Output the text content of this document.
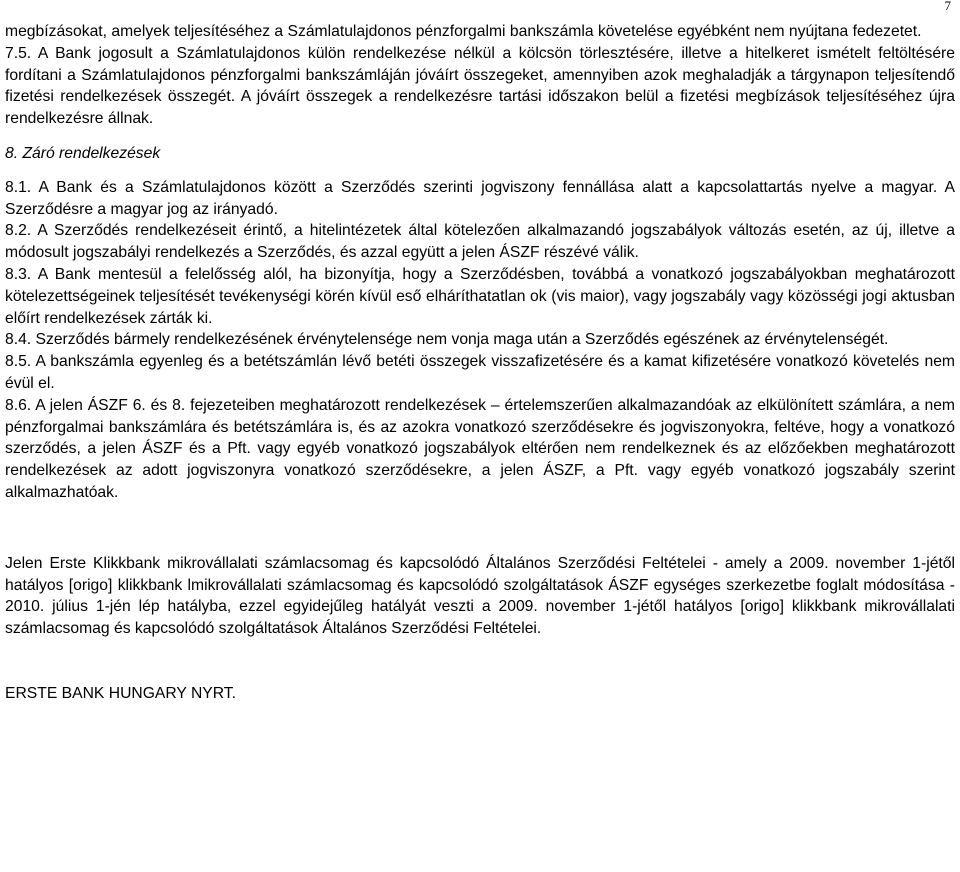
7

megbízásokat, amelyek teljesítéséhez a Számlatulajdonos pénzforgalmi bankszámla követelése egyébként nem nyújtana fedezetet.

7.5. A Bank jogosult a Számlatulajdonos külön rendelkezése nélkül a kölcsön törlesztésére, illetve a hitelkeret ismételt feltöltésére fordítani a Számlatulajdonos pénzforgalmi bankszámláján jóváírt összegeket, amennyiben azok meghaladják a tárgynapon teljesítendő fizetési rendelkezések összegét. A jóváírt összegek a rendelkezésre tartási időszakon belül a fizetési megbízások teljesítéséhez újra rendelkezésre állnak.

8. Záró rendelkezések

8.1. A Bank és a Számlatulajdonos között a Szerződés szerinti jogviszony fennállása alatt a kapcsolattartás nyelve a magyar. A Szerződésre a magyar jog az irányadó.

8.2. A Szerződés rendelkezéseit érintő, a hitelintézetek által kötelezően alkalmazandó jogszabályok változás esetén, az új, illetve a módosult jogszabályi rendelkezés a Szerződés, és azzal együtt a jelen ÁSZF részévé válik.

8.3. A Bank mentesül a felelősség alól, ha bizonyítja, hogy a Szerződésben, továbbá a vonatkozó jogszabályokban meghatározott kötelezettségeinek teljesítését tevékenységi körén kívül eső elháríthatatlan ok (vis maior), vagy jogszabály vagy közösségi jogi aktusban előírt rendelkezések zárták ki.

8.4. Szerződés bármely rendelkezésének érvénytelensége nem vonja maga után a Szerződés egészének az érvénytelenségét.

8.5. A bankszámla egyenleg és a betétszámlán lévő betéti összegek visszafizetésére és a kamat kifizetésére vonatkozó követelés nem évül el.

8.6. A jelen ÁSZF 6. és 8. fejezeteiben meghatározott rendelkezések – értelemszerűen alkalmazandóak az elkülönített számlára, a nem pénzforgalmai bankszámlára és betétszámlára is, és az azokra vonatkozó szerződésekre és jogviszonyokra, feltéve, hogy a vonatkozó szerződés, a jelen ÁSZF és a Pft. vagy egyéb vonatkozó jogszabályok eltérően nem rendelkeznek és az előzőekben meghatározott rendelkezések az adott jogviszonyra vonatkozó szerződésekre, a jelen ÁSZF, a Pft. vagy egyéb vonatkozó jogszabály szerint alkalmazhatóak.

Jelen Erste Klikkbank mikrovállalati számlacsomag és kapcsolódó Általános Szerződési Feltételei - amely a 2009. november 1-jétől hatályos [origo] klikkbank lmikrovállalati számlacsomag és kapcsolódó szolgáltatások ÁSZF egységes szerkezetbe foglalt módosítása - 2010. július 1-jén lép hatályba, ezzel egyidejűleg hatályát veszti a 2009. november 1-jétől hatályos [origo] klikkbank mikrovállalati számlacsomag és kapcsolódó szolgáltatások Általános Szerződési Feltételei.

ERSTE BANK HUNGARY NYRT.
